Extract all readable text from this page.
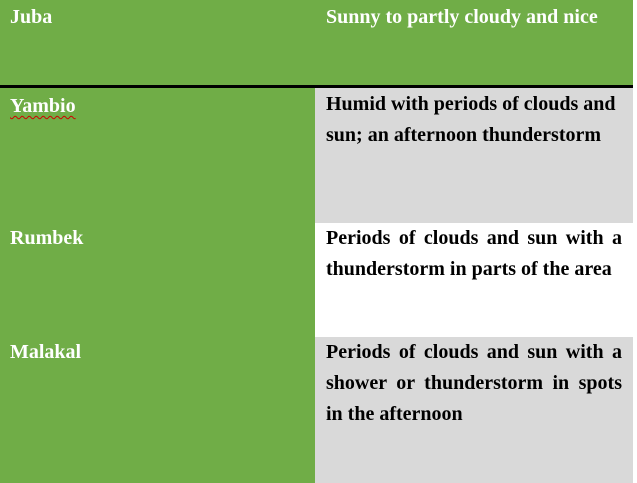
Juba	Sunny to partly cloudy and nice
Yambio	Humid with periods of clouds and sun; an afternoon thunderstorm
Rumbek	Periods of clouds and sun with a thunderstorm in parts of the area
Malakal	Periods of clouds and sun with a shower or thunderstorm in spots in the afternoon
